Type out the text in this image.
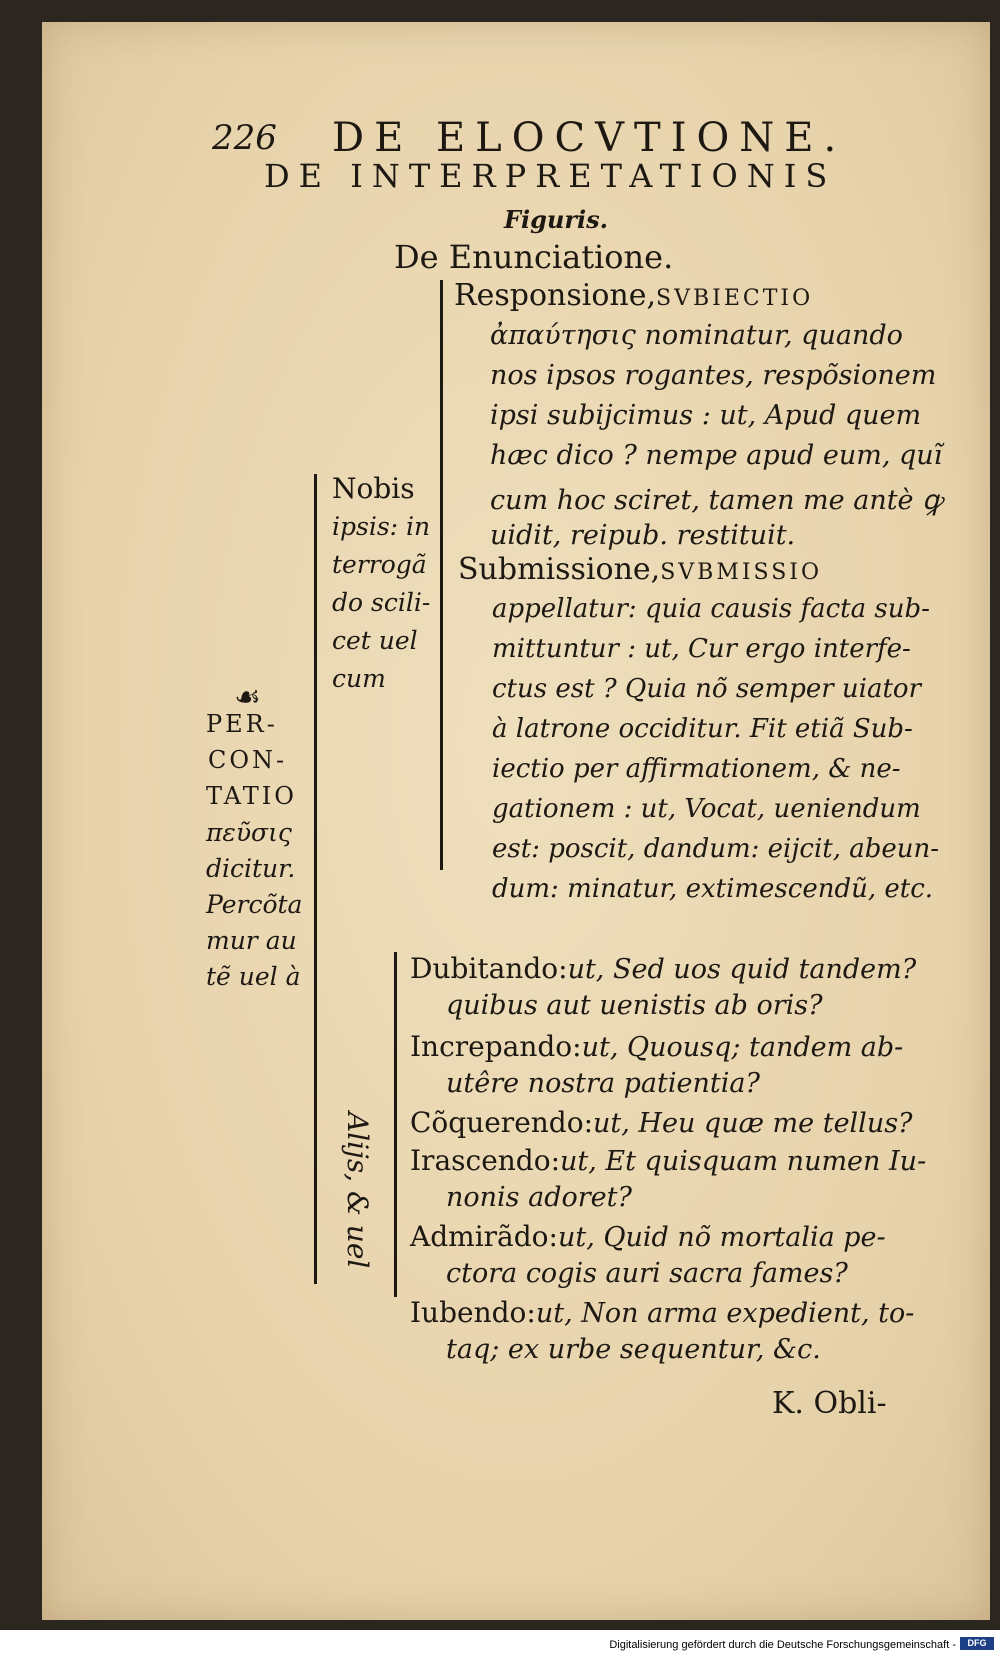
226 DE ELOCVTIONE.
DE INTERPRETATIONIS
Figuris.
De Enunciatione.
☙
PER-
CON-
TATIO
πεῦσις
dicitur.
Percõta
mur au
tẽ uel à
Nobis
ipsis: in
terrogã
do scili-
cet uel
cum
Responsione,SVBIECTIO
ἀπαύτησις nominatur, quando
nos ipsos rogantes, respõsionem
ipsi subijcimus : ut, Apud quem
hæc dico ? nempe apud eum, quĩ
cum hoc sciret, tamen me antè ꝙ
uidit, reipub. restituit.
Submissione,SVBMISSIO
appellatur: quia causis facta sub-
mittuntur : ut, Cur ergo interfe-
ctus est ? Quia nõ semper uiator
à latrone occiditur. Fit etiã Sub-
iectio per affirmationem, & ne-
gationem : ut, Vocat, ueniendum
est: poscit, dandum: eijcit, abeun-
dum: minatur, extimescendũ, etc.
Alijs, & uel
Dubitando:ut, Sed uos quid tandem?
quibus aut uenistis ab oris?
Increpando:ut, Quousq; tandem ab-
utêre nostra patientia?
Cõquerendo:ut, Heu quæ me tellus?
Irascendo:ut, Et quisquam numen Iu-
nonis adoret?
Admirãdo:ut, Quid nõ mortalia pe-
ctora cogis auri sacra fames?
Iubendo:ut, Non arma expedient, to-
taq; ex urbe sequentur, &c.
K. Obli-
Digitalisierung gefördert durch die Deutsche Forschungsgemeinschaft -	DFG
